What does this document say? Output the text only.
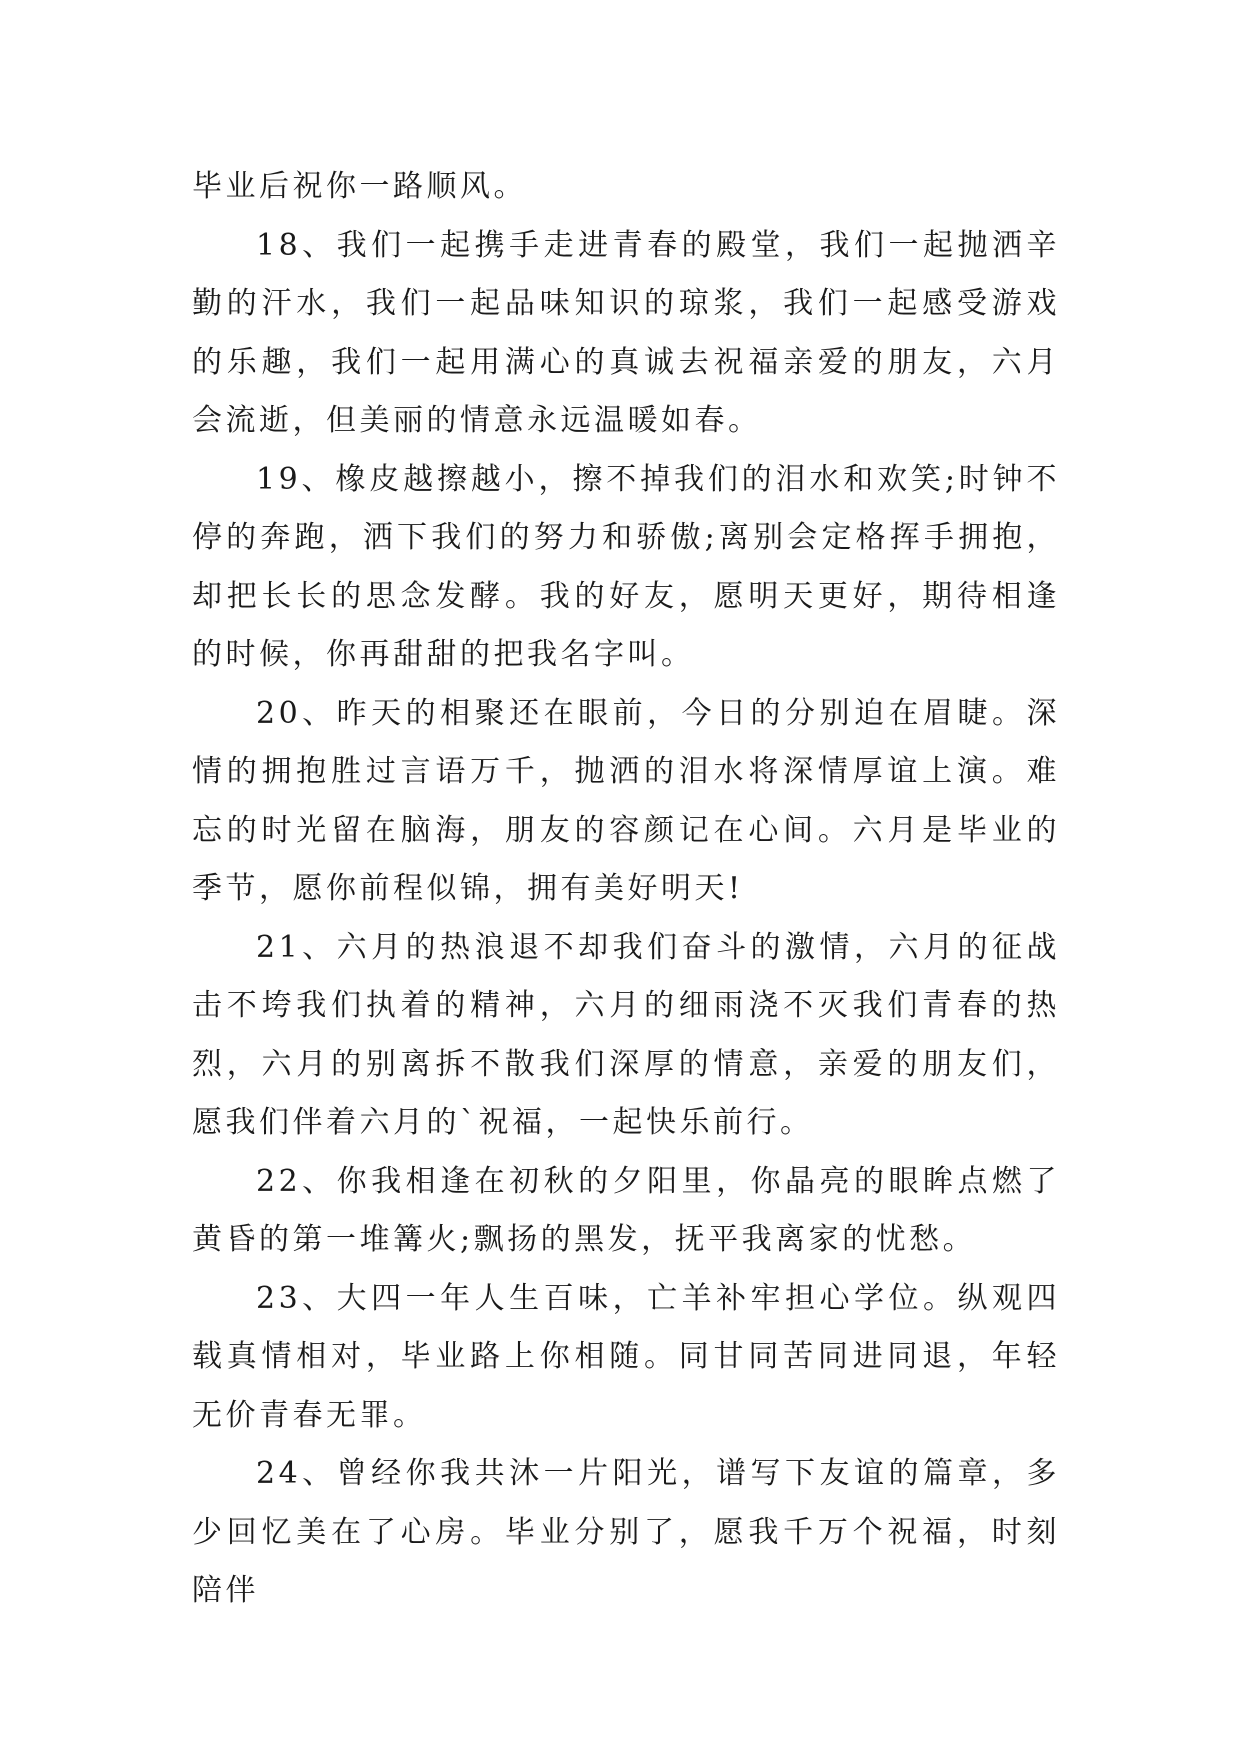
毕业后祝你一路顺风。

18、我们一起携手走进青春的殿堂，我们一起抛洒辛勤的汗水，我们一起品味知识的琼浆，我们一起感受游戏的乐趣，我们一起用满心的真诚去祝福亲爱的朋友，六月会流逝，但美丽的情意永远温暖如春。

19、橡皮越擦越小，擦不掉我们的泪水和欢笑;时钟不停的奔跑，洒下我们的努力和骄傲;离别会定格挥手拥抱，却把长长的思念发酵。我的好友，愿明天更好，期待相逢的时候，你再甜甜的把我名字叫。

20、昨天的相聚还在眼前，今日的分别迫在眉睫。深情的拥抱胜过言语万千，抛洒的泪水将深情厚谊上演。难忘的时光留在脑海，朋友的容颜记在心间。六月是毕业的季节，愿你前程似锦，拥有美好明天!

21、六月的热浪退不却我们奋斗的激情，六月的征战击不垮我们执着的精神，六月的细雨浇不灭我们青春的热烈，六月的别离拆不散我们深厚的情意，亲爱的朋友们，愿我们伴着六月的`祝福，一起快乐前行。

22、你我相逢在初秋的夕阳里，你晶亮的眼眸点燃了黄昏的第一堆篝火;飘扬的黑发，抚平我离家的忧愁。

23、大四一年人生百味，亡羊补牢担心学位。纵观四载真情相对，毕业路上你相随。同甘同苦同进同退，年轻无价青春无罪。

24、曾经你我共沐一片阳光，谱写下友谊的篇章，多少回忆美在了心房。毕业分别了，愿我千万个祝福，时刻陪伴
